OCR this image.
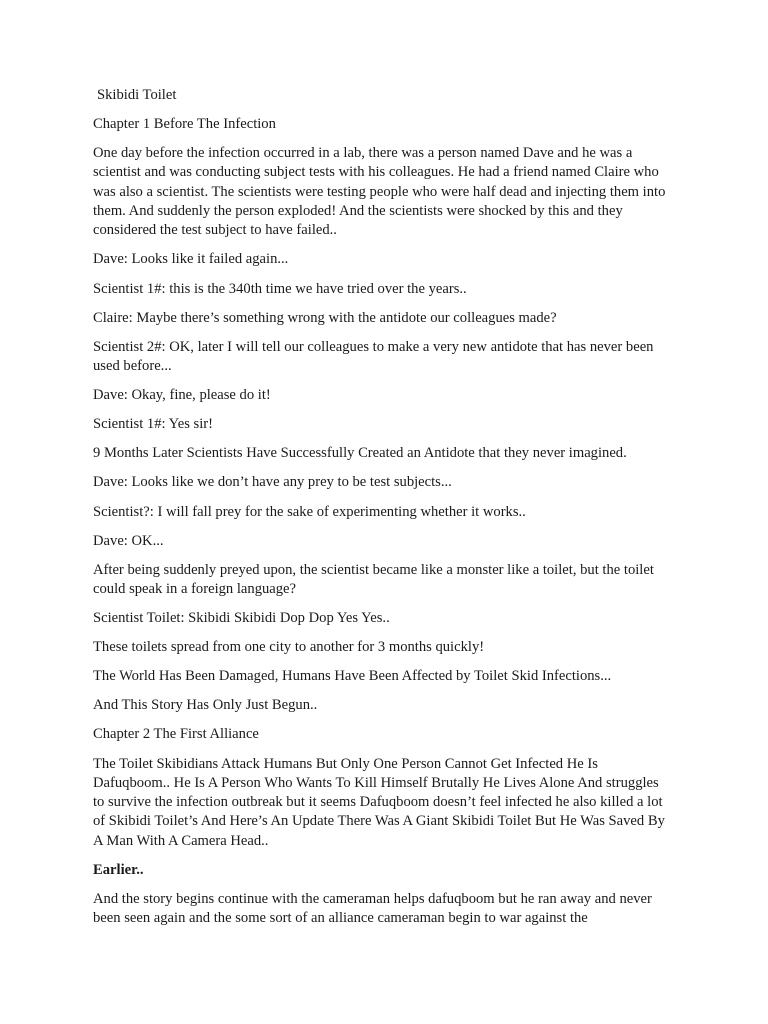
Skibidi Toilet

Chapter 1 Before The Infection

One day before the infection occurred in a lab, there was a person named Dave and he was a scientist and was conducting subject tests with his colleagues. He had a friend named Claire who was also a scientist. The scientists were testing people who were half dead and injecting them into them. And suddenly the person exploded! And the scientists were shocked by this and they considered the test subject to have failed..

Dave: Looks like it failed again...

Scientist 1#: this is the 340th time we have tried over the years..

Claire: Maybe there’s something wrong with the antidote our colleagues made?

Scientist 2#: OK, later I will tell our colleagues to make a very new antidote that has never been used before...

Dave: Okay, fine, please do it!

Scientist 1#: Yes sir!

9 Months Later Scientists Have Successfully Created an Antidote that they never imagined.

Dave: Looks like we don’t have any prey to be test subjects...

Scientist?: I will fall prey for the sake of experimenting whether it works..

Dave: OK...

After being suddenly preyed upon, the scientist became like a monster like a toilet, but the toilet could speak in a foreign language?

Scientist Toilet: Skibidi Skibidi Dop Dop Yes Yes..

These toilets spread from one city to another for 3 months quickly!

The World Has Been Damaged, Humans Have Been Affected by Toilet Skid Infections...

And This Story Has Only Just Begun..

Chapter 2 The First Alliance

The Toilet Skibidians Attack Humans But Only One Person Cannot Get Infected He Is Dafuqboom.. He Is A Person Who Wants To Kill Himself Brutally He Lives Alone And struggles to survive the infection outbreak but it seems Dafuqboom doesn’t feel infected he also killed a lot of Skibidi Toilet’s And Here’s An Update There Was A Giant Skibidi Toilet But He Was Saved By A Man With A Camera Head..

Earlier..

And the story begins continue with the cameraman helps dafuqboom but he ran away and never been seen again and the some sort of an alliance cameraman begin to war against the
